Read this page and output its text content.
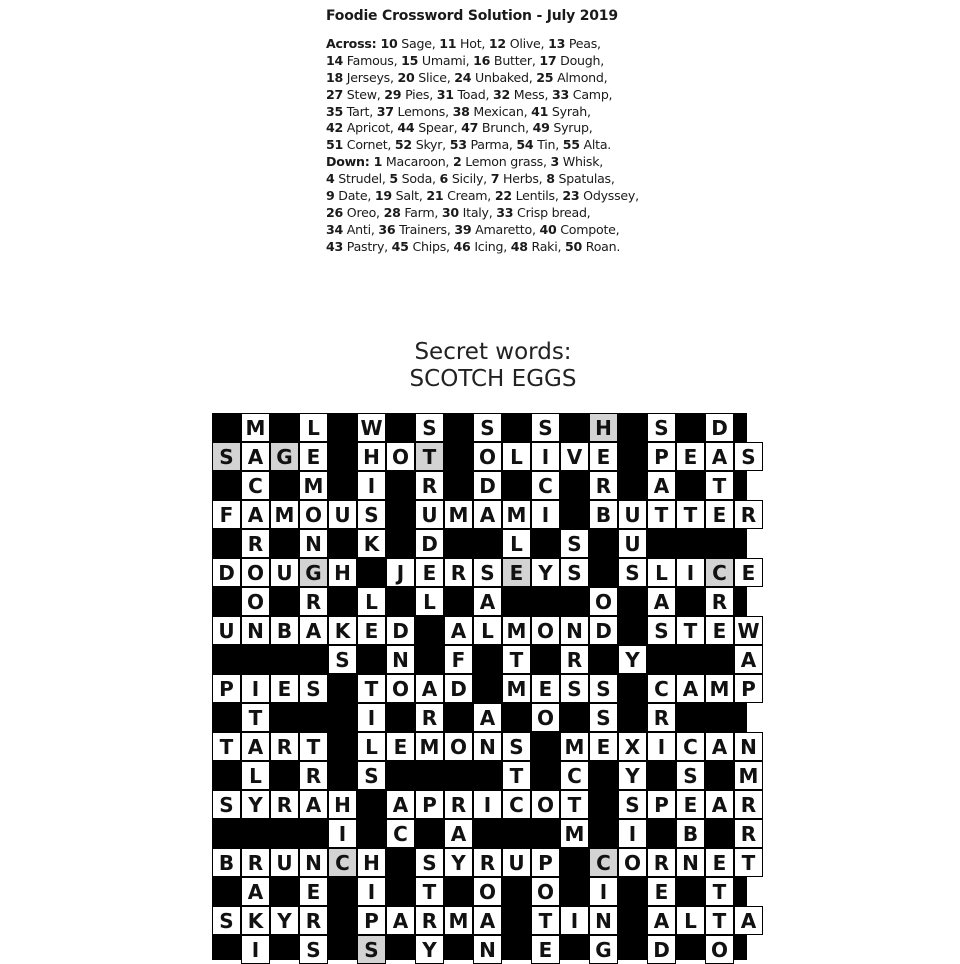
Foodie Crossword Solution - July 2019
Across: 10 Sage, 11 Hot, 12 Olive, 13 Peas,
14 Famous, 15 Umami, 16 Butter, 17 Dough,
18 Jerseys, 20 Slice, 24 Unbaked, 25 Almond,
27 Stew, 29 Pies, 31 Toad, 32 Mess, 33 Camp,
35 Tart, 37 Lemons, 38 Mexican, 41 Syrah,
42 Apricot, 44 Spear, 47 Brunch, 49 Syrup,
51 Cornet, 52 Skyr, 53 Parma, 54 Tin, 55 Alta.
Down: 1 Macaroon, 2 Lemon grass, 3 Whisk,
4 Strudel, 5 Soda, 6 Sicily, 7 Herbs, 8 Spatulas,
9 Date, 19 Salt, 21 Cream, 22 Lentils, 23 Odyssey,
26 Oreo, 28 Farm, 30 Italy, 33 Crisp bread,
34 Anti, 36 Trainers, 39 Amaretto, 40 Compote,
43 Pastry, 45 Chips, 46 Icing, 48 Raki, 50 Roan.
Secret words:
SCOTCH EGGS
M	L	W	S	S	S	H	S	D
S A G E	H O T	O L I V E	P E A S
C	M	I	R D	C	R A	T
F A M O U S	U M A M I	B U T T E R
R N K D	L	S	U
D O U G H	J E R S E Y S	S L I C E
O R	L	L	A	O A R
U N B A K E D A L M O N D	S T E W
S	N	F	T	R	Y	A
P I E S	T O A D M E S S	C A M P
T	I	R A O	S	R
T A R T	L E M O N S	M E X I C A N
L	R	S	T	C	Y	S	M
S Y R A H A P R I C O T	S P E A R
I	C	A	M	I	B R
B R U N C H	S Y R U P	C O R N E T
A	E	I	T	O O	I	E	T
S K Y R	P A R M A	T I N A L T A
I	S	S	Y	N	E	G D O
